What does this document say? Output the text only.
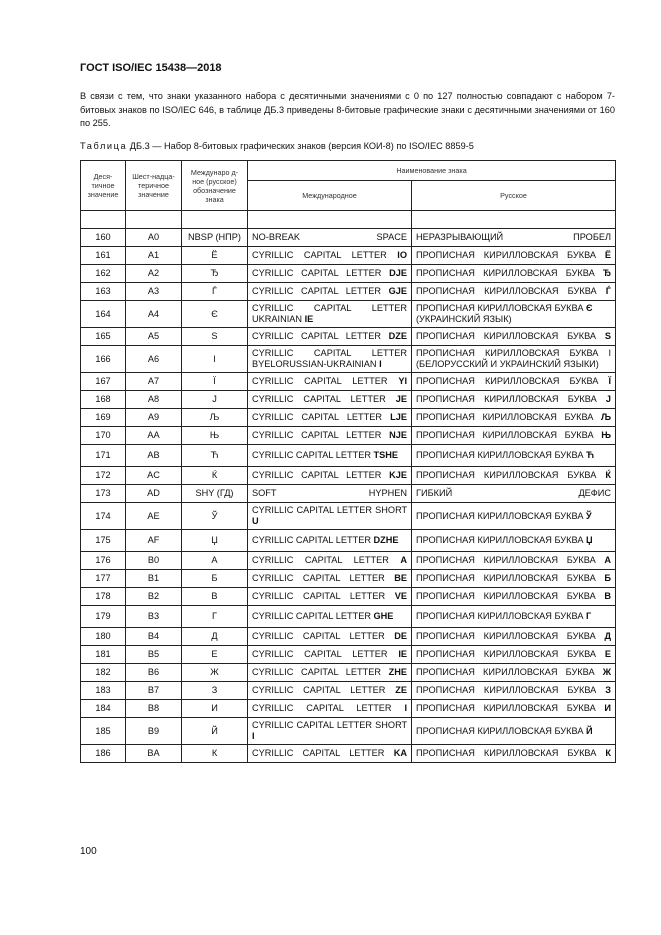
ГОСТ ISO/IEC 15438—2018
В связи с тем, что знаки указанного набора с десятичными значениями с 0 по 127 полностью совпадают с набором 7-битовых знаков по ISO/IEC 646, в таблице ДБ.3 приведены 8-битовые графические знаки с десятичными значениями от 160 по 255.
Таблица ДБ.3 — Набор 8-битовых графических знаков (версия КОИ-8) по ISO/IEC 8859-5
Деся-тичное значение	Шест-надца-теричное значение	Междунаро д-ное (русское) обозначение знака	Наименование знака	
			Международное	Русское

160	A0	NBSP (НПР)	NO-BREAK SPACE	НЕРАЗРЫВАЮЩИЙ ПРОБЕЛ
161	A1	Ё	CYRILLIC CAPITAL LETTER IO	ПРОПИСНАЯ КИРИЛЛОВСКАЯ БУКВА Ё
162	A2	Ђ	CYRILLIC CAPITAL LETTER DJE	ПРОПИСНАЯ КИРИЛЛОВСКАЯ БУКВА Ђ
163	A3	Ѓ	CYRILLIC CAPITAL LETTER GJE	ПРОПИСНАЯ КИРИЛЛОВСКАЯ БУКВА Ѓ
164	A4	Є	CYRILLIC CAPITAL LETTER UKRAINIAN IE	ПРОПИСНАЯ КИРИЛЛОВСКАЯ БУКВА Є
(УКРАИНСКИЙ ЯЗЫК)
165	A5	S	CYRILLIC CAPITAL LETTER DZE	ПРОПИСНАЯ КИРИЛЛОВСКАЯ БУКВА S
166	A6	І	CYRILLIC CAPITAL LETTER BYELORUSSIAN-UKRAINIAN I	ПРОПИСНАЯ КИРИЛЛОВСКАЯ БУКВА І (БЕЛОРУССКИЙ И УКРАИНСКИЙ ЯЗЫКИ)
167	A7	Ї	CYRILLIC CAPITAL LETTER YI	ПРОПИСНАЯ КИРИЛЛОВСКАЯ БУКВА Ї
168	A8	J	CYRILLIC CAPITAL LETTER JE	ПРОПИСНАЯ КИРИЛЛОВСКАЯ БУКВА J
169	A9	Љ	CYRILLIC CAPITAL LETTER LJE	ПРОПИСНАЯ КИРИЛЛОВСКАЯ БУКВА Љ
170	AA	Њ	CYRILLIC CAPITAL LETTER NJE	ПРОПИСНАЯ КИРИЛЛОВСКАЯ БУКВА Њ
171	AB	Ћ	CYRILLIC CAPITAL LETTER TSHE	ПРОПИСНАЯ КИРИЛЛОВСКАЯ БУКВА Ћ
172	AC	Ќ	CYRILLIC CAPITAL LETTER KJE	ПРОПИСНАЯ КИРИЛЛОВСКАЯ БУКВА Ќ
173	AD	SHY (ГД)	SOFT HYPHEN	ГИБКИЙ ДЕФИС
174	AE	Ў	CYRILLIC CAPITAL LETTER SHORT U	ПРОПИСНАЯ КИРИЛЛОВСКАЯ БУКВА Ў
175	AF	Џ	CYRILLIC CAPITAL LETTER DZHE	ПРОПИСНАЯ КИРИЛЛОВСКАЯ БУКВА Џ
176	B0	А	CYRILLIC CAPITAL LETTER A	ПРОПИСНАЯ КИРИЛЛОВСКАЯ БУКВА А
177	B1	Б	CYRILLIC CAPITAL LETTER BE	ПРОПИСНАЯ КИРИЛЛОВСКАЯ БУКВА Б
178	B2	В	CYRILLIC CAPITAL LETTER VE	ПРОПИСНАЯ КИРИЛЛОВСКАЯ БУКВА В
179	B3	Г	CYRILLIC CAPITAL LETTER GHE	ПРОПИСНАЯ КИРИЛЛОВСКАЯ БУКВА Г
180	B4	Д	CYRILLIC CAPITAL LETTER DE	ПРОПИСНАЯ КИРИЛЛОВСКАЯ БУКВА Д
181	B5	Е	CYRILLIC CAPITAL LETTER IE	ПРОПИСНАЯ КИРИЛЛОВСКАЯ БУКВА Е
182	B6	Ж	CYRILLIC CAPITAL LETTER ZHE	ПРОПИСНАЯ КИРИЛЛОВСКАЯ БУКВА Ж
183	B7	З	CYRILLIC CAPITAL LETTER ZE	ПРОПИСНАЯ КИРИЛЛОВСКАЯ БУКВА З
184	B8	И	CYRILLIC CAPITAL LETTER I	ПРОПИСНАЯ КИРИЛЛОВСКАЯ БУКВА И
185	B9	Й	CYRILLIC CAPITAL LETTER SHORT I	ПРОПИСНАЯ КИРИЛЛОВСКАЯ БУКВА Й
186	BA	К	CYRILLIC CAPITAL LETTER KA	ПРОПИСНАЯ КИРИЛЛОВСКАЯ БУКВА К
100
